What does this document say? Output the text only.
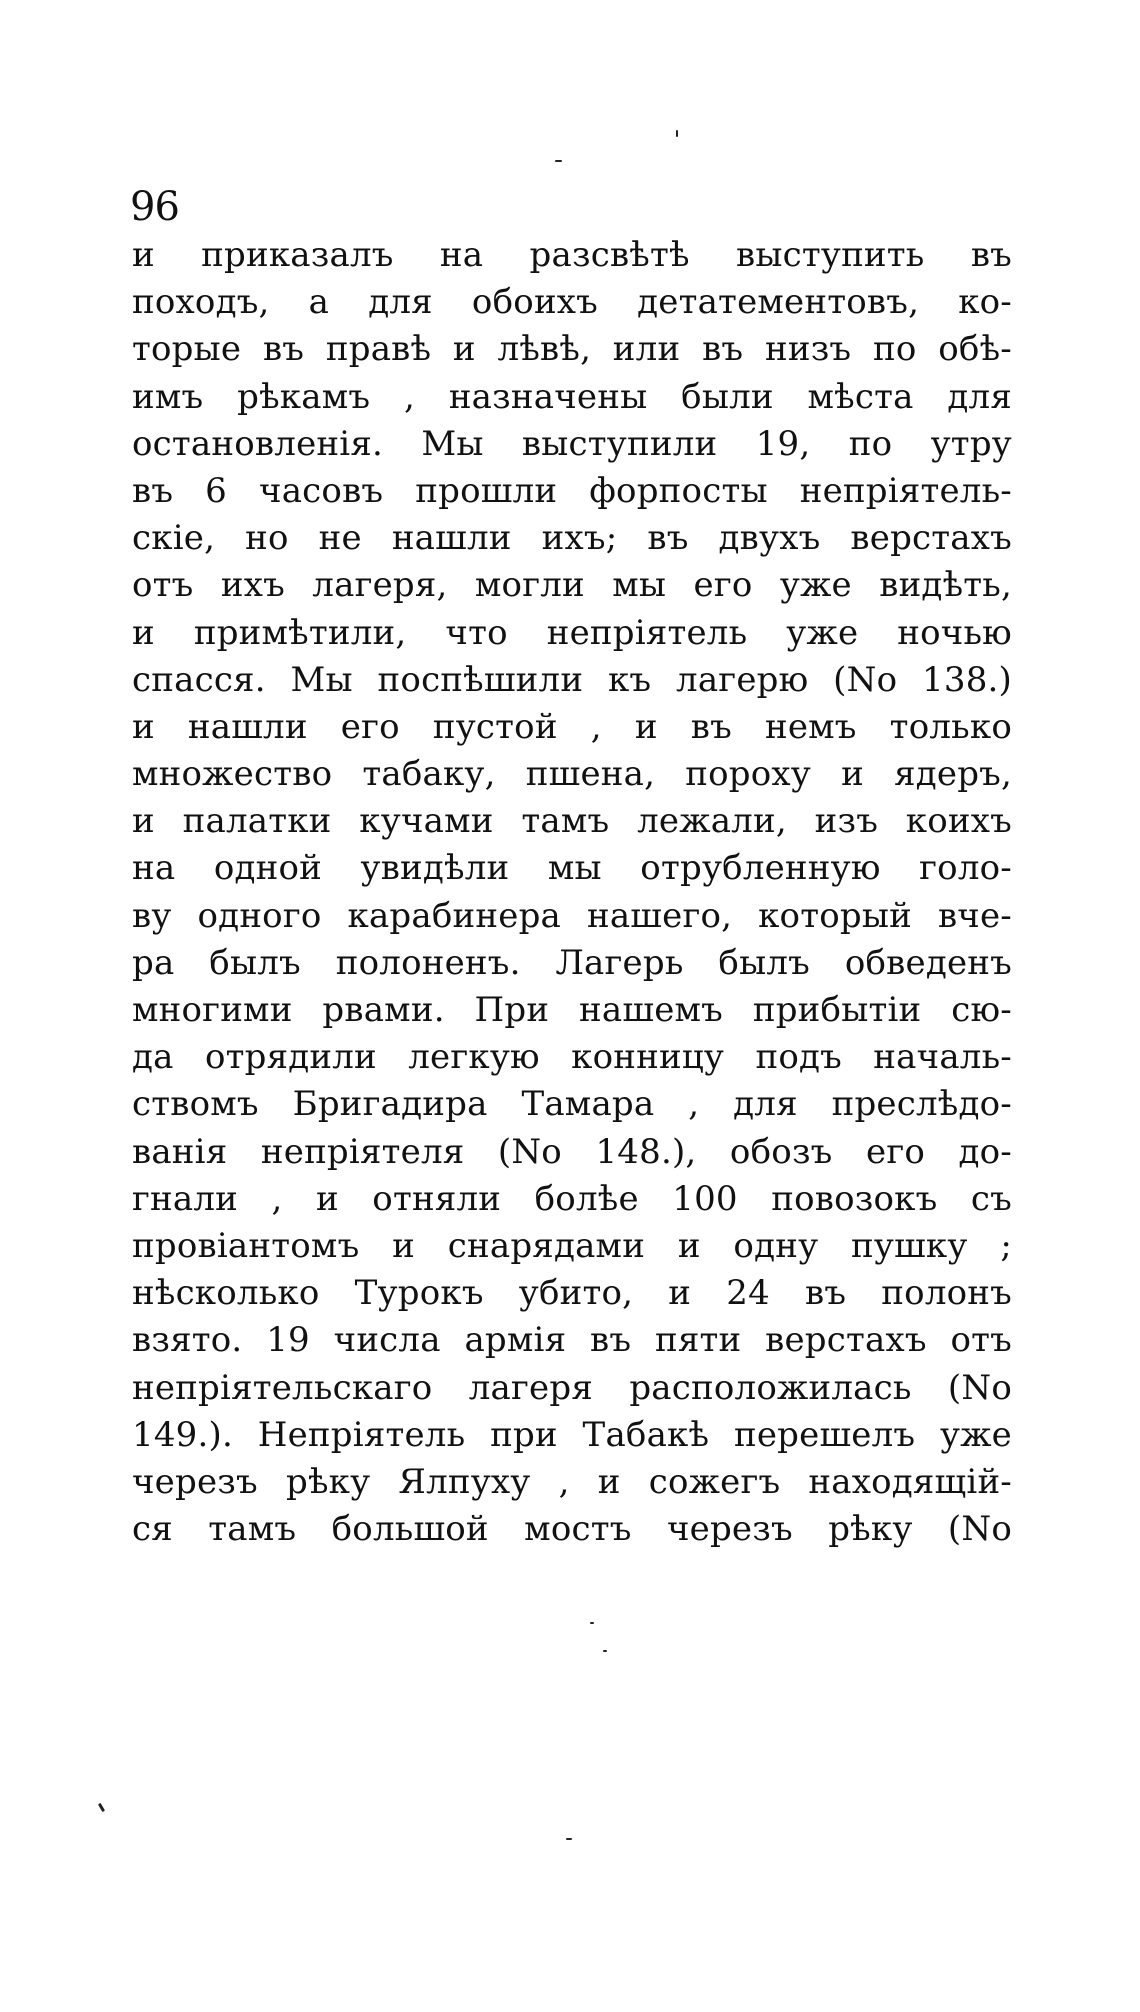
96
и приказалъ на разсвѣтѣ выступить въ
походъ, а для обоихъ детатементовъ, ко-
торые въ правѣ и лѣвѣ, или въ низъ по обѣ-
имъ рѣкамъ , назначены были мѣста для
остановленія. Мы выступили 19, по утру
въ 6 часовъ прошли форпосты непріятель-
скіе, но не нашли ихъ; въ двухъ верстахъ
отъ ихъ лагеря, могли мы его уже видѣть,
и примѣтили, что непріятель уже ночью
спасся. Мы поспѣшили къ лагерю (No 138.)
и нашли его пустой , и въ немъ только
множество табаку, пшена, пороху и ядеръ,
и палатки кучами тамъ лежали, изъ коихъ
на одной увидѣли мы отрубленную голо-
ву одного карабинера нашего, который вче-
ра былъ полоненъ. Лагерь былъ обведенъ
многими рвами. При нашемъ прибытіи сю-
да отрядили легкую конницу подъ началь-
ствомъ Бригадира Тамара , для преслѣдо-
ванія непріятеля (No 148.), обозъ его до-
гнали , и отняли болѣе 100 повозокъ съ
провіантомъ и снарядами и одну пушку ;
нѣсколько Турокъ убито, и 24 въ полонъ
взято. 19 числа армія въ пяти верстахъ отъ
непріятельскаго лагеря расположилась (No
149.). Непріятель при Табакѣ перешелъ уже
черезъ рѣку Ялпуху , и сожегъ находящій-
ся тамъ большой мостъ черезъ рѣку (No
